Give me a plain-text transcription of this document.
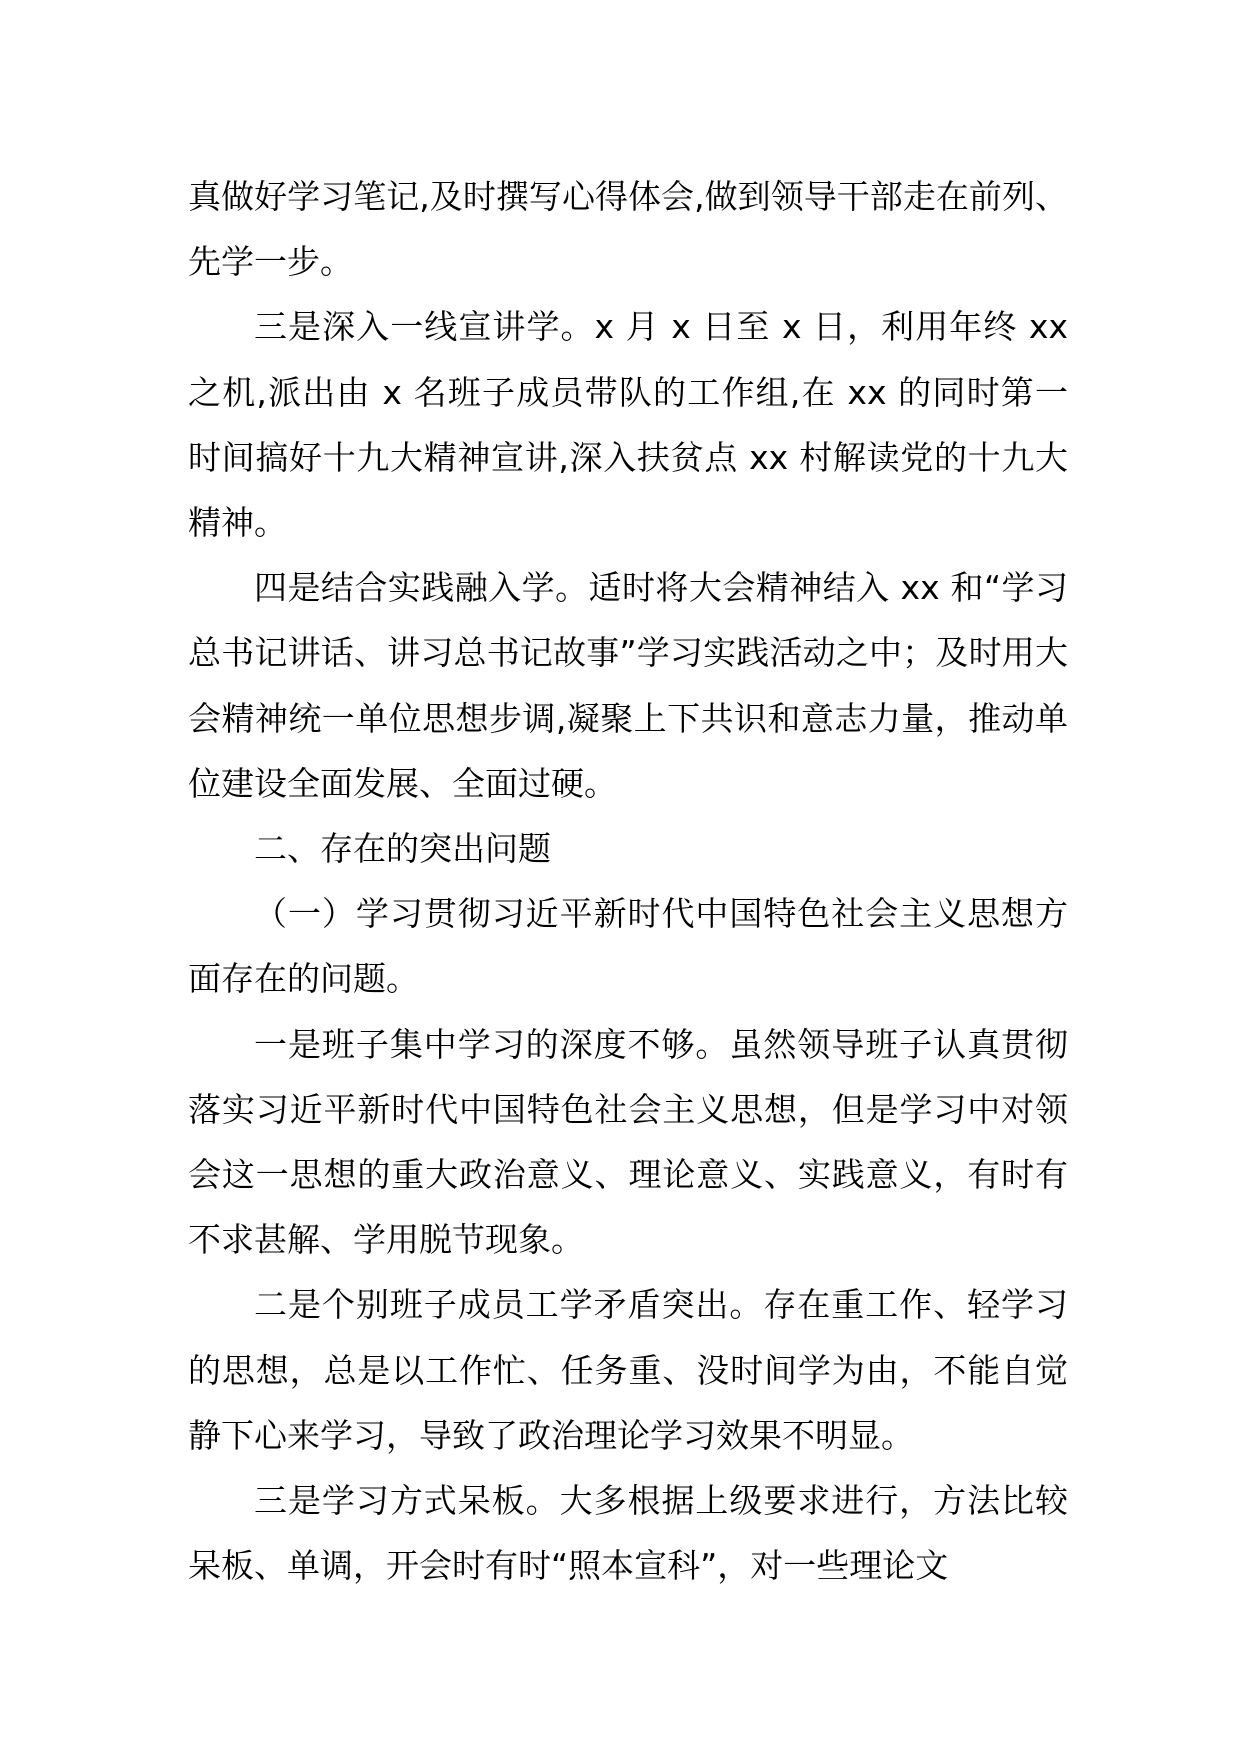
真做好学习笔记,及时撰写心得体会,做到领导干部走在前列、先学一步。

三是深入一线宣讲学。x 月 x 日至 x 日，利用年终 xx 之机,派出由 x 名班子成员带队的工作组,在 xx 的同时第一时间搞好十九大精神宣讲,深入扶贫点 xx 村解读党的十九大精神。

四是结合实践融入学。适时将大会精神结入 xx 和“学习总书记讲话、讲习总书记故事”学习实践活动之中；及时用大会精神统一单位思想步调,凝聚上下共识和意志力量，推动单位建设全面发展、全面过硬。

二、存在的突出问题

（一）学习贯彻习近平新时代中国特色社会主义思想方面存在的问题。

一是班子集中学习的深度不够。虽然领导班子认真贯彻落实习近平新时代中国特色社会主义思想，但是学习中对领会这一思想的重大政治意义、理论意义、实践意义，有时有不求甚解、学用脱节现象。

二是个别班子成员工学矛盾突出。存在重工作、轻学习的思想，总是以工作忙、任务重、没时间学为由，不能自觉静下心来学习，导致了政治理论学习效果不明显。

三是学习方式呆板。大多根据上级要求进行，方法比较呆板、单调，开会时有时“照本宣科”，对一些理论文
